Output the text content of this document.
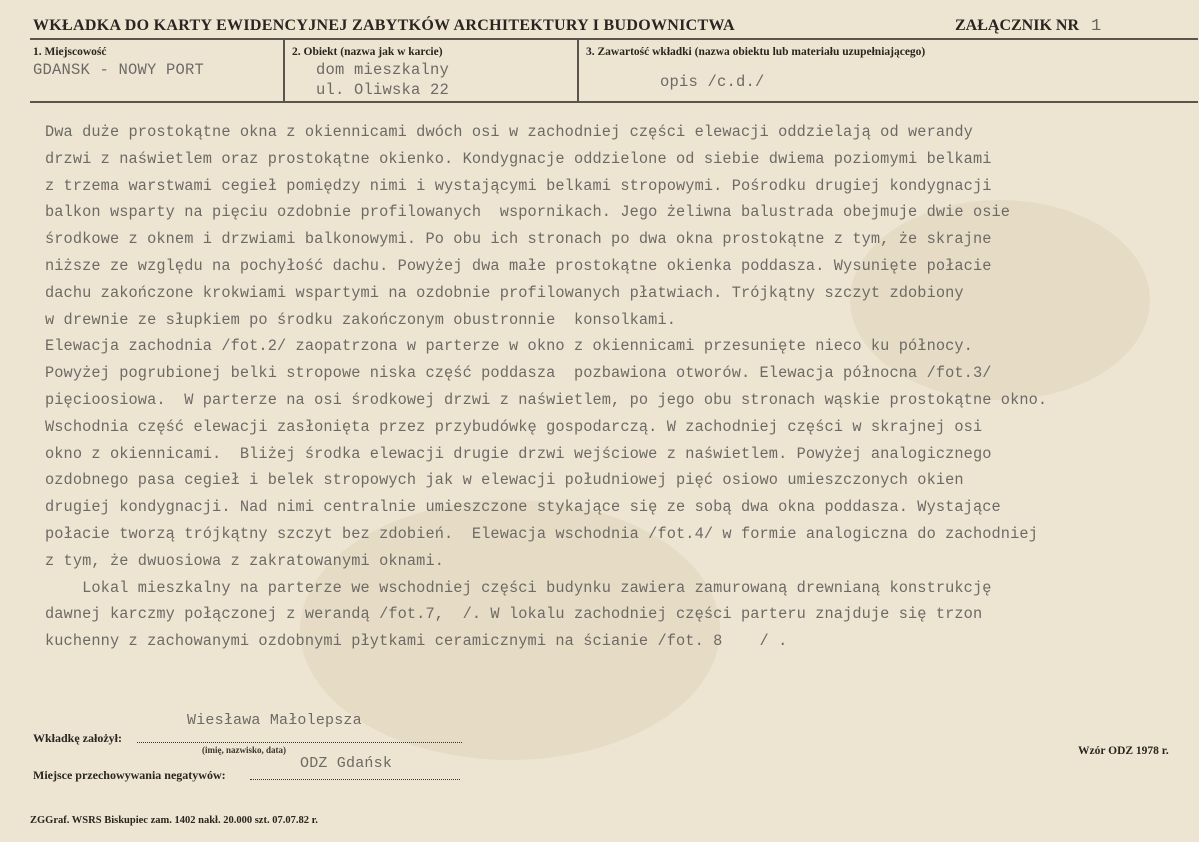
WKŁADKA DO KARTY EWIDENCYJNEJ ZABYTKÓW ARCHITEKTURY I BUDOWNICTWA	ZAŁĄCZNIK NR 1
1. Miejscowość
GDANSK - NOWY PORT
2. Obiekt (nazwa jak w karcie)
dom mieszkalny
ul. Oliwska 22
3. Zawartość wkładki (nazwa obiektu lub materiału uzupełniającego)
opis /c.d./
Dwa duże prostokątne okna z okiennicami dwóch osi w zachodniej części elewacji oddzielają od werandy
drzwi z naświetlem oraz prostokątne okienko. Kondygnacje oddzielone od siebie dwiema poziomymi belkami
z trzema warstwami cegieł pomiędzy nimi i wystającymi belkami stropowymi. Pośrodku drugiej kondygnacji
balkon wsparty na pięciu ozdobnie profilowanych  wspornikach. Jego żeliwna balustrada obejmuje dwie osie
środkowe z oknem i drzwiami balkonowymi. Po obu ich stronach po dwa okna prostokątne z tym, że skrajne
niższe ze względu na pochyłość dachu. Powyżej dwa małe prostokątne okienka poddasza. Wysunięte połacie
dachu zakończone krokwiami wspartymi na ozdobnie profilowanych płatwiach. Trójkątny szczyt zdobiony
w drewnie ze słupkiem po środku zakończonym obustronnie  konsolkami.
Elewacja zachodnia /fot.2/ zaopatrzona w parterze w okno z okiennicami przesunięte nieco ku północy.
Powyżej pogrubionej belki stropowe niska część poddasza  pozbawiona otworów. Elewacja północna /fot.3/
pięcioosiowa.  W parterze na osi środkowej drzwi z naświetlem, po jego obu stronach wąskie prostokątne okno.
Wschodnia część elewacji zasłonięta przez przybudówkę gospodarczą. W zachodniej części w skrajnej osi
okno z okiennicami.  Bliżej środka elewacji drugie drzwi wejściowe z naświetlem. Powyżej analogicznego
ozdobnego pasa cegieł i belek stropowych jak w elewacji południowej pięć osiowo umieszczonych okien
drugiej kondygnacji. Nad nimi centralnie umieszczone stykające się ze sobą dwa okna poddasza. Wystające
połacie tworzą trójkątny szczyt bez zdobień.  Elewacja wschodnia /fot.4/ w formie analogiczna do zachodniej
z tym, że dwuosiowa z zakratowanymi oknami.
Lokal mieszkalny na parterze we wschodniej części budynku zawiera zamurowaną drewnianą konstrukcję
dawnej karczmy połączonej z werandą /fot.7,  /. W lokalu zachodniej części parteru znajduje się trzon
kuchenny z zachowanymi ozdobnymi płytkami ceramicznymi na ścianie /fot. 8    / .
Wkładkę założył:
Wiesława Małolepsza
(imię, nazwisko, data)
Miejsce przechowywania negatywów:
ODZ Gdańsk
Wzór ODZ 1978 r.
ZGGraf. WSRS Biskupiec zam. 1402 nakł. 20.000 szt. 07.07.82 r.
